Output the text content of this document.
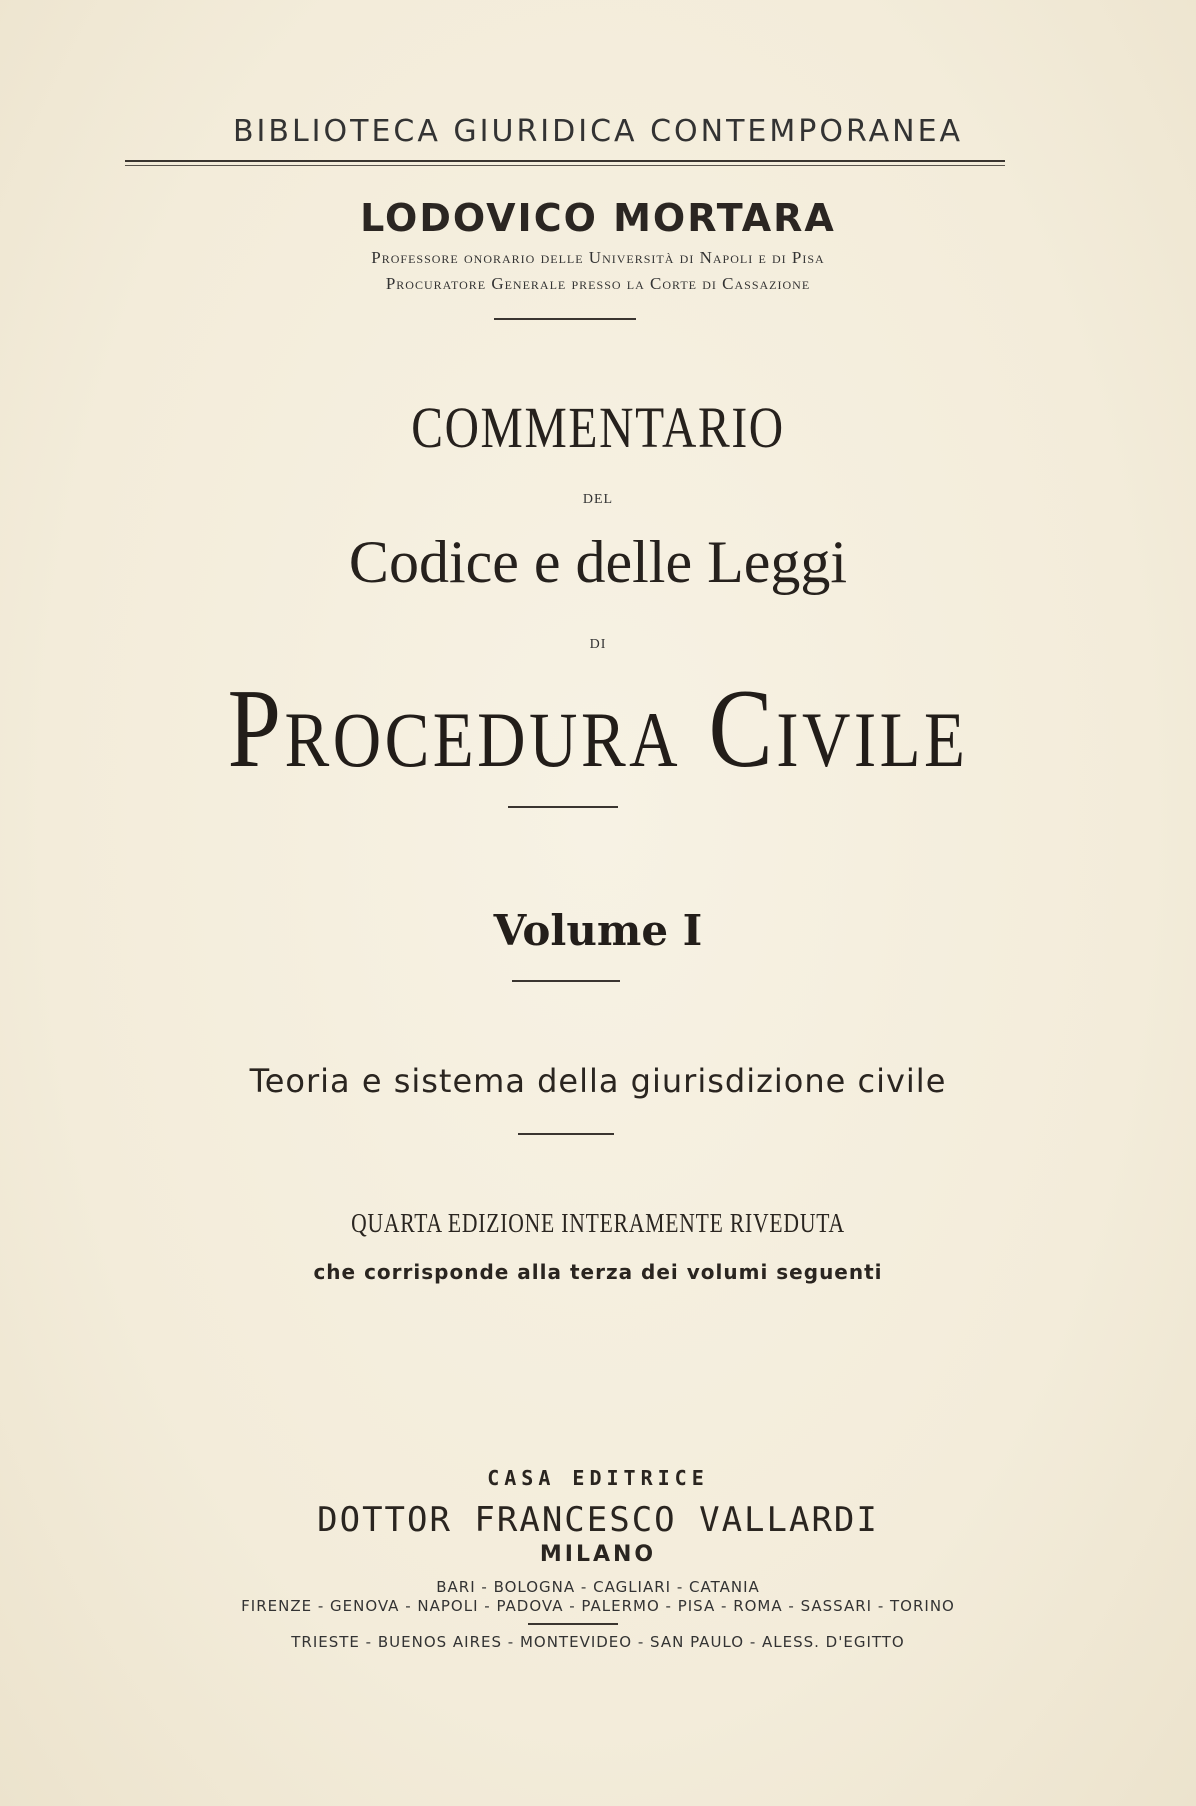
BIBLIOTECA GIURIDICA CONTEMPORANEA
LODOVICO MORTARA
Professore onorario delle Università di Napoli e di Pisa
Procuratore Generale presso la Corte di Cassazione
COMMENTARIO
DEL
Codice e delle Leggi
DI
Procedura Civile
Volume I
Teoria e sistema della giurisdizione civile
QUARTA EDIZIONE INTERAMENTE RIVEDUTA
che corrisponde alla terza dei volumi seguenti
CASA EDITRICE
DOTTOR FRANCESCO VALLARDI
MILANO
BARI - BOLOGNA - CAGLIARI - CATANIA
FIRENZE - GENOVA - NAPOLI - PADOVA - PALERMO - PISA - ROMA - SASSARI - TORINO
TRIESTE - BUENOS AIRES - MONTEVIDEO - SAN PAULO - ALESS. D'EGITTO
